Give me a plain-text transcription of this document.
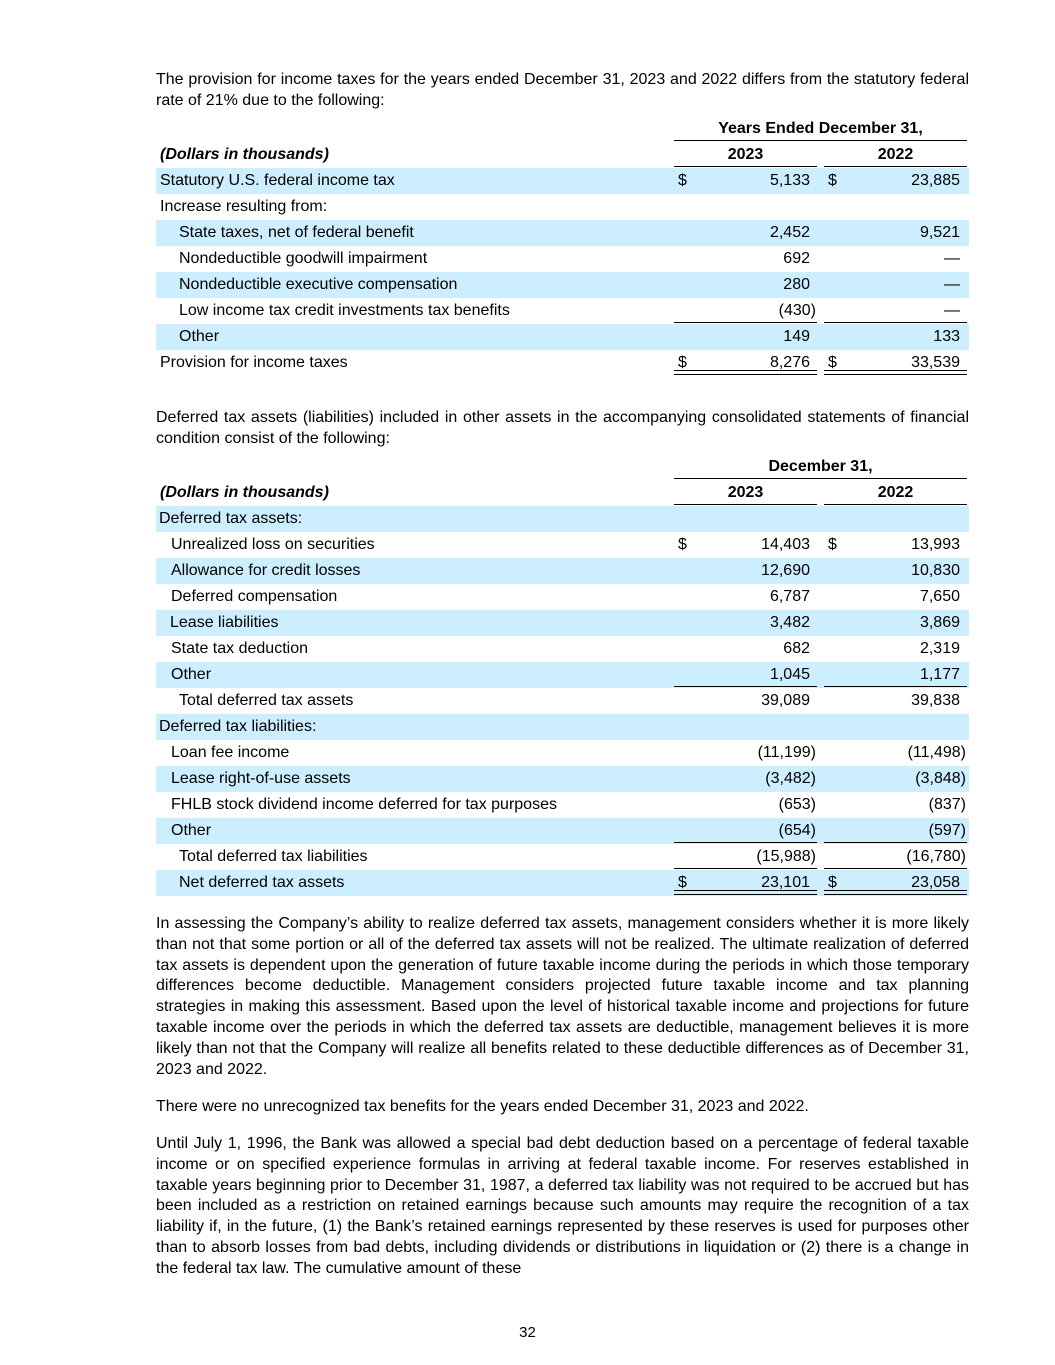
The provision for income taxes for the years ended December 31, 2023 and 2022 differs from the statutory federal rate of 21% due to the following:

Years Ended December 31,
(Dollars in thousands)	2023	2022
Statutory U.S. federal income tax	$	5,133 $	23,885
Increase resulting from:
State taxes, net of federal benefit	2,452	9,521
Nondeductible goodwill impairment	692	—
Nondeductible executive compensation	280	—
Low income tax credit investments tax benefits	(430)	—
Other	149	133
Provision for income taxes	$	8,276 $	33,539

Deferred tax assets (liabilities) included in other assets in the accompanying consolidated statements of financial condition consist of the following:

December 31,
(Dollars in thousands)	2023	2022
Deferred tax assets:
Unrealized loss on securities	$	14,403 $	13,993
Allowance for credit losses	12,690	10,830
Deferred compensation	6,787	7,650
Lease liabilities	3,482	3,869
State tax deduction	682	2,319
Other	1,045	1,177
Total deferred tax assets	39,089	39,838
Deferred tax liabilities:
Loan fee income	(11,199)	(11,498)
Lease right-of-use assets	(3,482)	(3,848)
FHLB stock dividend income deferred for tax purposes	(653)	(837)
Other	(654)	(597)
Total deferred tax liabilities	(15,988)	(16,780)
Net deferred tax assets	$	23,101 $	23,058

In assessing the Company’s ability to realize deferred tax assets, management considers whether it is more likely than not that some portion or all of the deferred tax assets will not be realized. The ultimate realization of deferred tax assets is dependent upon the generation of future taxable income during the periods in which those temporary differences become deductible. Management considers projected future taxable income and tax planning strategies in making this assessment. Based upon the level of historical taxable income and projections for future taxable income over the periods in which the deferred tax assets are deductible, management believes it is more likely than not that the Company will realize all benefits related to these deductible differences as of December 31, 2023 and 2022.

There were no unrecognized tax benefits for the years ended December 31, 2023 and 2022.

Until July 1, 1996, the Bank was allowed a special bad debt deduction based on a percentage of federal taxable income or on specified experience formulas in arriving at federal taxable income. For reserves established in taxable years beginning prior to December 31, 1987, a deferred tax liability was not required to be accrued but has been included as a restriction on retained earnings because such amounts may require the recognition of a tax liability if, in the future, (1) the Bank’s retained earnings represented by these reserves is used for purposes other than to absorb losses from bad debts, including dividends or distributions in liquidation or (2) there is a change in the federal tax law. The cumulative amount of these

32
